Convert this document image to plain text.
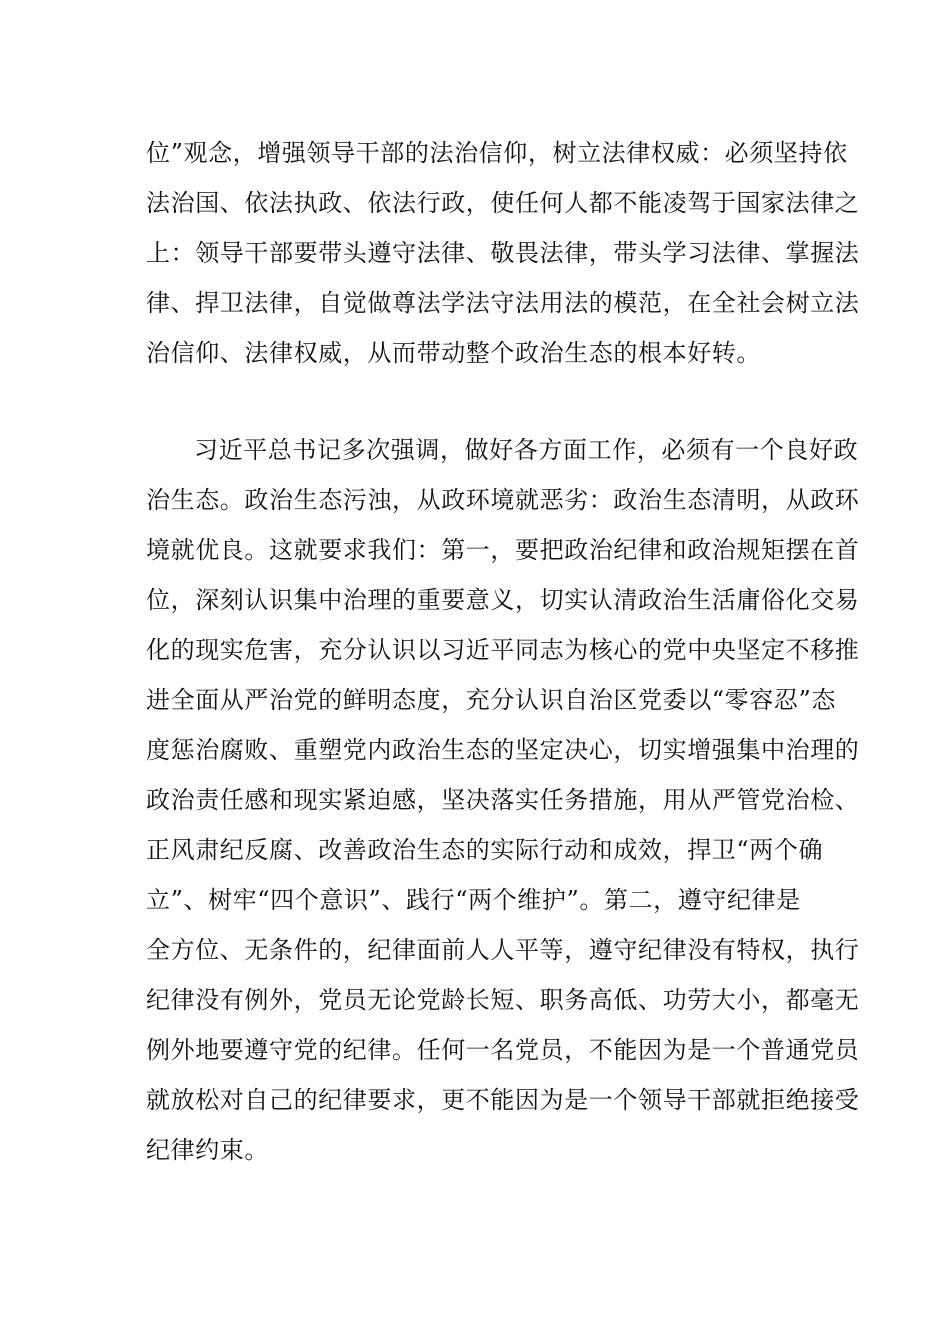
位”观念，增强领导干部的法治信仰，树立法律权威：必须坚持依
法治国、依法执政、依法行政，使任何人都不能凌驾于国家法律之
上：领导干部要带头遵守法律、敬畏法律，带头学习法律、掌握法
律、捍卫法律，自觉做尊法学法守法用法的模范，在全社会树立法
治信仰、法律权威，从而带动整个政治生态的根本好转。
习近平总书记多次强调，做好各方面工作，必须有一个良好政
治生态。政治生态污浊，从政环境就恶劣：政治生态清明，从政环
境就优良。这就要求我们：第一，要把政治纪律和政治规矩摆在首
位，深刻认识集中治理的重要意义，切实认清政治生活庸俗化交易
化的现实危害，充分认识以习近平同志为核心的党中央坚定不移推
进全面从严治党的鲜明态度，充分认识自治区党委以“零容忍”态
度惩治腐败、重塑党内政治生态的坚定决心，切实增强集中治理的
政治责任感和现实紧迫感，坚决落实任务措施，用从严管党治检、
正风肃纪反腐、改善政治生态的实际行动和成效，捍卫“两个确
立”、树牢“四个意识”、践行“两个维护”。第二，遵守纪律是
全方位、无条件的，纪律面前人人平等，遵守纪律没有特权，执行
纪律没有例外，党员无论党龄长短、职务高低、功劳大小，都毫无
例外地要遵守党的纪律。任何一名党员，不能因为是一个普通党员
就放松对自己的纪律要求，更不能因为是一个领导干部就拒绝接受
纪律约束。
